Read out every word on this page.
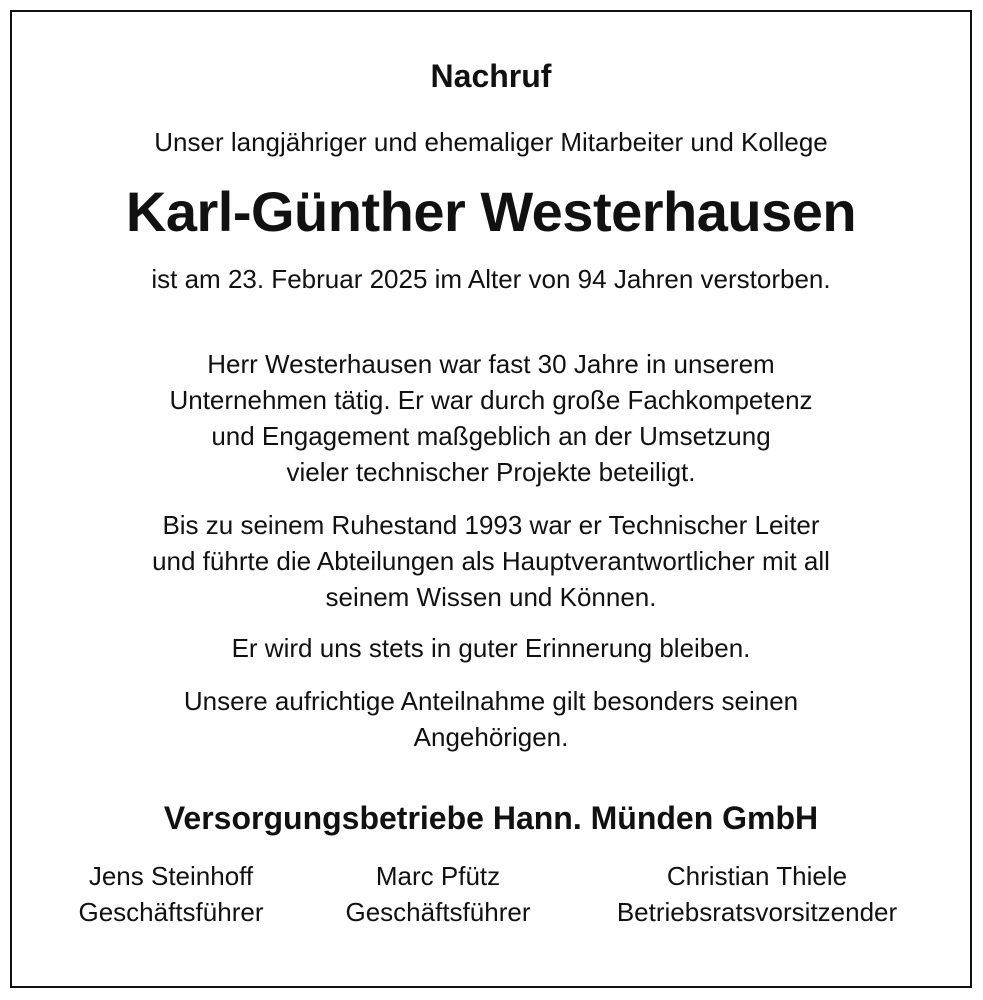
Nachruf
Unser langjähriger und ehemaliger Mitarbeiter und Kollege
Karl-Günther Westerhausen
ist am 23. Februar 2025 im Alter von 94 Jahren verstorben.
Herr Westerhausen war fast 30 Jahre in unserem
Unternehmen tätig. Er war durch große Fachkompetenz
und Engagement maßgeblich an der Umsetzung
vieler technischer Projekte beteiligt.
Bis zu seinem Ruhestand 1993 war er Technischer Leiter
und führte die Abteilungen als Hauptverantwortlicher mit all
seinem Wissen und Können.
Er wird uns stets in guter Erinnerung bleiben.
Unsere aufrichtige Anteilnahme gilt besonders seinen
Angehörigen.
Versorgungsbetriebe Hann. Münden GmbH
Jens Steinhoff
Geschäftsführer
Marc Pfütz
Geschäftsführer
Christian Thiele
Betriebsratsvorsitzender
